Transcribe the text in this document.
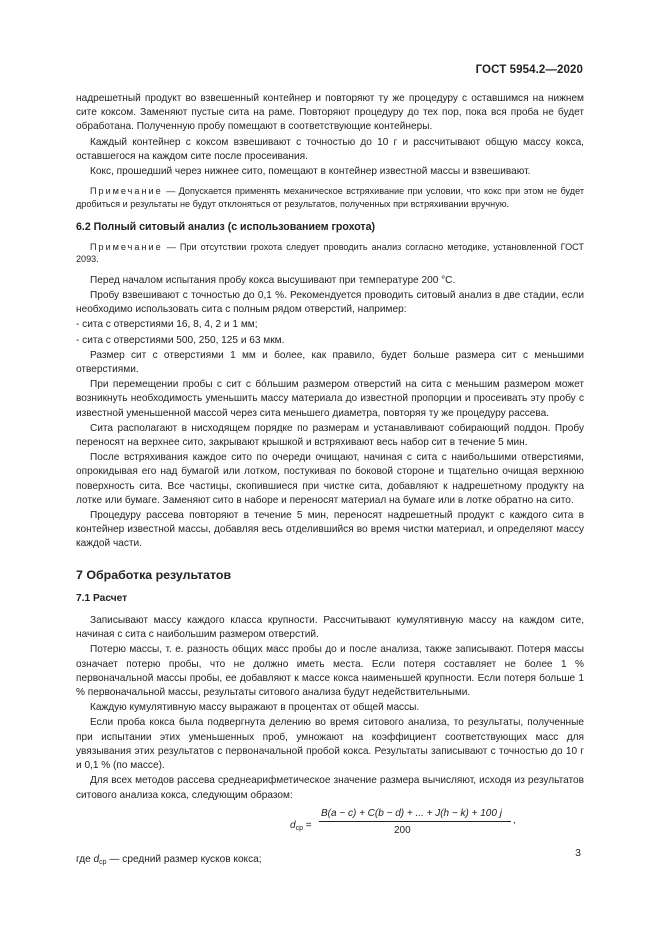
ГОСТ 5954.2—2020

надрешетный продукт во взвешенный контейнер и повторяют ту же процедуру с оставшимся на нижнем сите коксом. Заменяют пустые сита на раме. Повторяют процедуру до тех пор, пока вся проба не будет обработана. Полученную пробу помещают в соответствующие контейнеры.

Каждый контейнер с коксом взвешивают с точностью до 10 г и рассчитывают общую массу кокса, оставшегося на каждом сите после просеивания.

Кокс, прошедший через нижнее сито, помещают в контейнер известной массы и взвешивают.

Примечание — Допускается применять механическое встряхивание при условии, что кокс при этом не будет дробиться и результаты не будут отклоняться от результатов, полученных при встряхивании вручную.

6.2 Полный ситовый анализ (с использованием грохота)

Примечание — При отсутствии грохота следует проводить анализ согласно методике, установленной ГОСТ 2093.

Перед началом испытания пробу кокса высушивают при температуре 200 °С.

Пробу взвешивают с точностью до 0,1 %. Рекомендуется проводить ситовый анализ в две стадии, если необходимо использовать сита с полным рядом отверстий, например:

- сита с отверстиями 16, 8, 4, 2 и 1 мм;

- сита с отверстиями 500, 250, 125 и 63 мкм.

Размер сит с отверстиями 1 мм и более, как правило, будет больше размера сит с меньшими отверстиями.

При перемещении пробы с сит с бóльшим размером отверстий на сита с меньшим размером может возникнуть необходимость уменьшить массу материала до известной пропорции и просеивать эту пробу с известной уменьшенной массой через сита меньшего диаметра, повторяя ту же процедуру рассева.

Сита располагают в нисходящем порядке по размерам и устанавливают собирающий поддон. Пробу переносят на верхнее сито, закрывают крышкой и встряхивают весь набор сит в течение 5 мин.

После встряхивания каждое сито по очереди очищают, начиная с сита с наибольшими отверстиями, опрокидывая его над бумагой или лотком, постукивая по боковой стороне и тщательно очищая верхнюю поверхность сита. Все частицы, скопившиеся при чистке сита, добавляют к надрешетному продукту на лотке или бумаге. Заменяют сито в наборе и переносят материал на бумаге или в лотке обратно на сито.

Процедуру рассева повторяют в течение 5 мин, переносят надрешетный продукт с каждого сита в контейнер известной массы, добавляя весь отделившийся во время чистки материал, и определяют массу каждой части.

7 Обработка результатов
7.1 Расчет

Записывают массу каждого класса крупности. Рассчитывают кумулятивную массу на каждом сите, начиная с сита с наибольшим размером отверстий.

Потерю массы, т. е. разность общих масс пробы до и после анализа, также записывают. Потеря массы означает потерю пробы, что не должно иметь места. Если потеря составляет не более 1 % первоначальной массы пробы, ее добавляют к массе кокса наименьшей крупности. Если потеря больше 1 % первоначальной массы, результаты ситового анализа будут недействительными.

Каждую кумулятивную массу выражают в процентах от общей массы.

Если проба кокса была подвергнута делению во время ситового анализа, то результаты, полученные при испытании этих уменьшенных проб, умножают на коэффициент соответствующих масс для увязывания этих результатов с первоначальной пробой кокса. Результаты записывают с точностью до 10 г и 0,1 % (по массе).

Для всех методов рассева среднеарифметическое значение размера вычисляют, исходя из результатов ситового анализа кокса, следующим образом:

$d_{ср}$ =
B(a − c) + C(b − d) + ... + J(h − k) + 100 j
200
,

где dср — средний размер кусков кокса;

3
